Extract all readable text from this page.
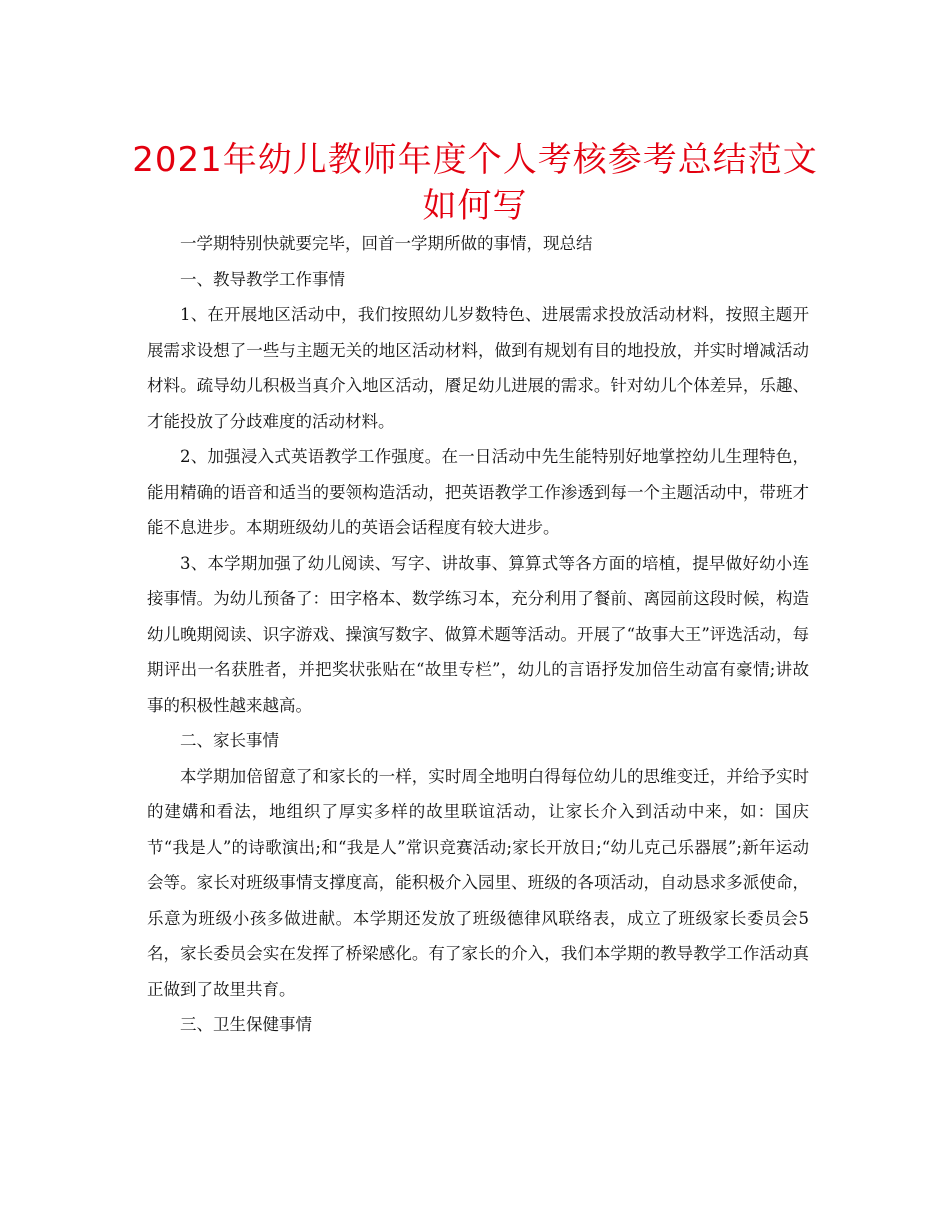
2021年幼儿教师年度个人考核参考总结范文如何写

一学期特别快就要完毕，回首一学期所做的事情，现总结

一、教导教学工作事情

1、在开展地区活动中，我们按照幼儿岁数特色、进展需求投放活动材料，按照主题开展需求设想了一些与主题无关的地区活动材料，做到有规划有目的地投放，并实时增减活动材料。疏导幼儿积极当真介入地区活动，餍足幼儿进展的需求。针对幼儿个体差异，乐趣、才能投放了分歧难度的活动材料。

2、加强浸入式英语教学工作强度。在一日活动中先生能特别好地掌控幼儿生理特色，能用精确的语音和适当的要领构造活动，把英语教学工作渗透到每一个主题活动中，带班才能不息进步。本期班级幼儿的英语会话程度有较大进步。

3、本学期加强了幼儿阅读、写字、讲故事、算算式等各方面的培植，提早做好幼小连接事情。为幼儿预备了：田字格本、数学练习本，充分利用了餐前、离园前这段时候，构造幼儿晚期阅读、识字游戏、操演写数字、做算术题等活动。开展了“故事大王”评选活动，每期评出一名获胜者，并把奖状张贴在“故里专栏”，幼儿的言语抒发加倍生动富有豪情;讲故事的积极性越来越高。

二、家长事情

本学期加倍留意了和家长的一样，实时周全地明白得每位幼儿的思维变迁，并给予实时的建媾和看法，地组织了厚实多样的故里联谊活动，让家长介入到活动中来，如：国庆节“我是人”的诗歌演出;和“我是人”常识竞赛活动;家长开放日;“幼儿克己乐器展”;新年运动会等。家长对班级事情支撑度高，能积极介入园里、班级的各项活动，自动恳求多派使命，乐意为班级小孩多做进献。本学期还发放了班级德律风联络表，成立了班级家长委员会5名，家长委员会实在发挥了桥梁感化。有了家长的介入，我们本学期的教导教学工作活动真正做到了故里共育。

三、卫生保健事情
